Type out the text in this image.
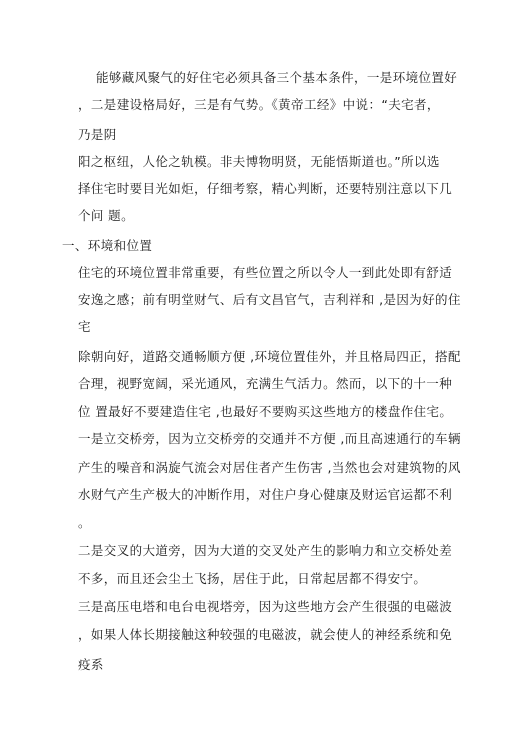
能够藏风聚气的好住宅必须具备三个基本条件，一是环境位置好
，二是建设格局好，三是有气势。《黄帝工经》中说：“夫宅者，
乃是阴
阳之枢纽，人伦之轨模。非夫博物明贤，无能悟斯道也。”所以选
择住宅时要目光如炬，仔细考察，精心判断，还要特别注意以下几
个问 题。
一、环境和位置
住宅的环境位置非常重要，有些位置之所以令人一到此处即有舒适
安逸之感；前有明堂财气、后有文昌官气，吉利祥和 ,是因为好的住
宅
除朝向好，道路交通畅顺方便 ,环境位置佳外，并且格局四正，搭配
合理，视野宽阔，采光通风，充满生气活力。然而，以下的十一种
位 置最好不要建造住宅 ,也最好不要购买这些地方的楼盘作住宅。
一是立交桥旁，因为立交桥旁的交通并不方便 ,而且高速通行的车辆
产生的噪音和涡旋气流会对居住者产生伤害 ,当然也会对建筑物的风
水财气产生产极大的冲断作用，对住户身心健康及财运官运都不利
。
二是交叉的大道旁，因为大道的交叉处产生的影响力和立交桥处差
不多，而且还会尘土飞扬，居住于此，日常起居都不得安宁。
三是高压电塔和电台电视塔旁，因为这些地方会产生很强的电磁波
，如果人体长期接触这种较强的电磁波，就会使人的神经系统和免
疫系
